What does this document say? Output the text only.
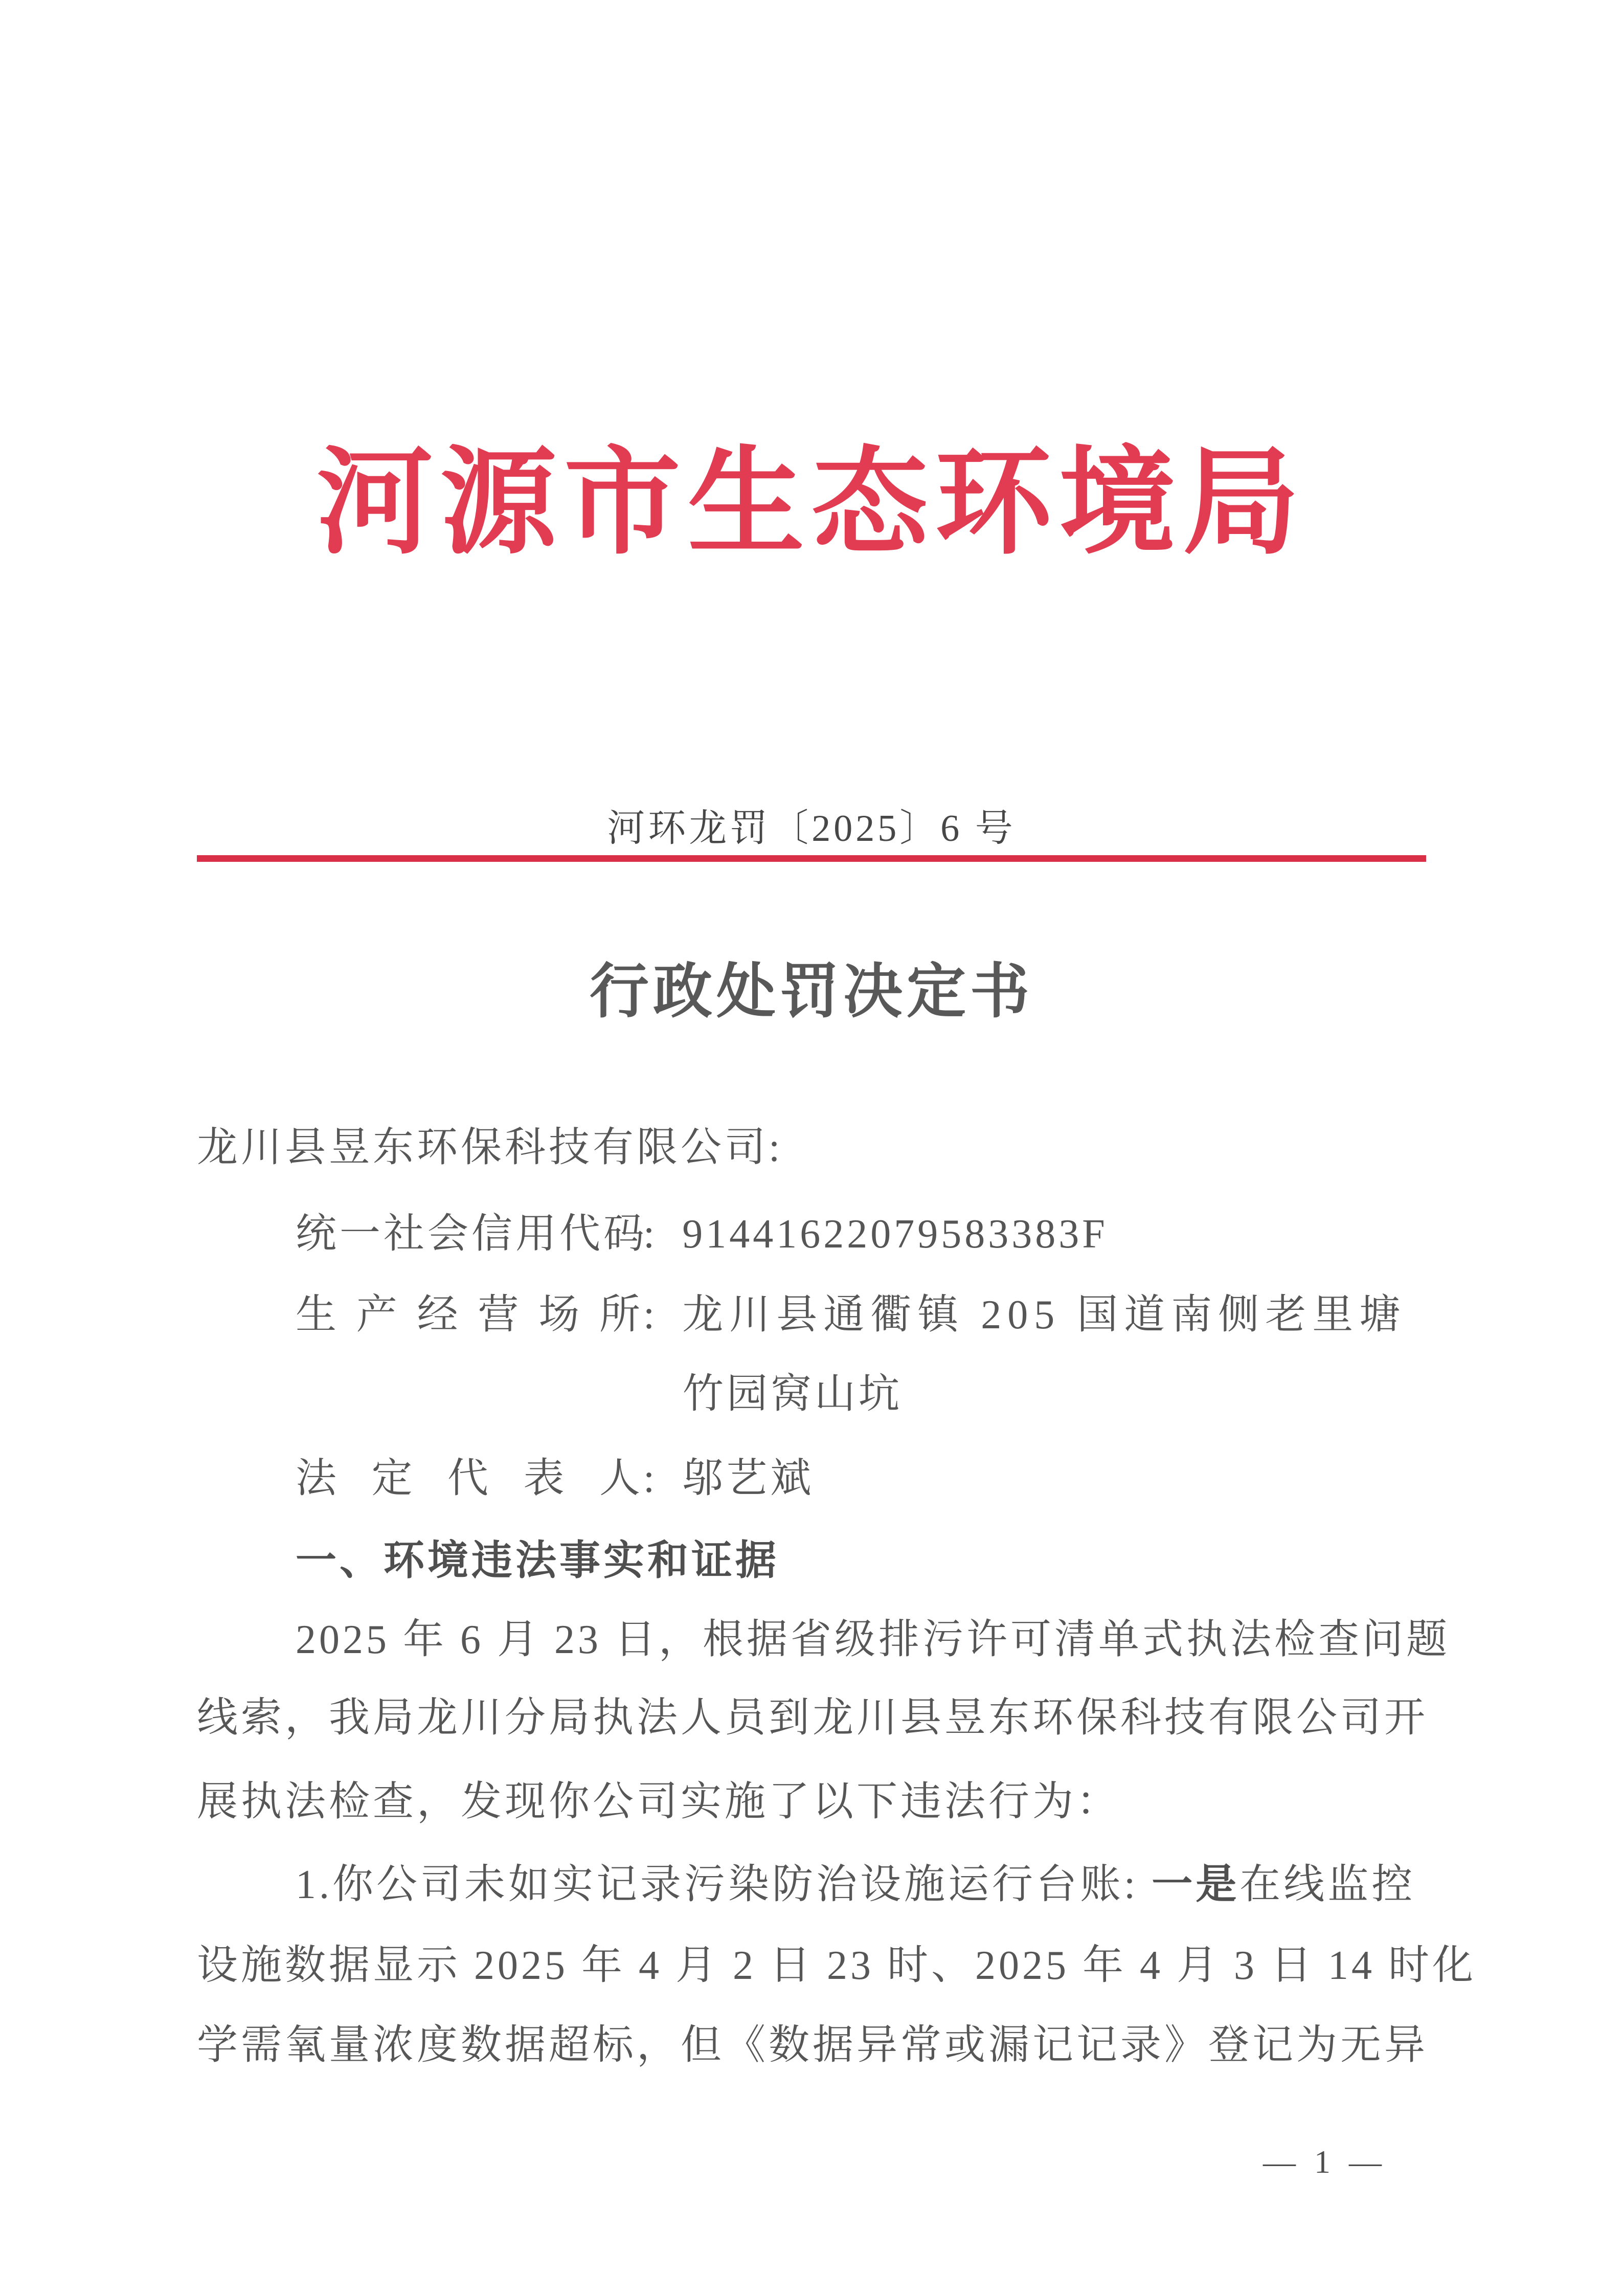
河源市生态环境局
河环龙罚〔2025〕6 号
行政处罚决定书
龙川县昱东环保科技有限公司:
统一社会信用代码: 91441622079583383F
生产经营场所: 龙川县通衢镇 205 国道南侧老里塘
竹园窝山坑
法定代表人: 邬艺斌
一、环境违法事实和证据
2025 年 6 月 23 日，根据省级排污许可清单式执法检查问题
线索，我局龙川分局执法人员到龙川县昱东环保科技有限公司开
展执法检查，发现你公司实施了以下违法行为：
1.你公司未如实记录污染防治设施运行台账: 一是在线监控
设施数据显示 2025 年 4 月 2 日 23 时、2025 年 4 月 3 日 14 时化
学需氧量浓度数据超标，但《数据异常或漏记记录》登记为无异
— 1 —
